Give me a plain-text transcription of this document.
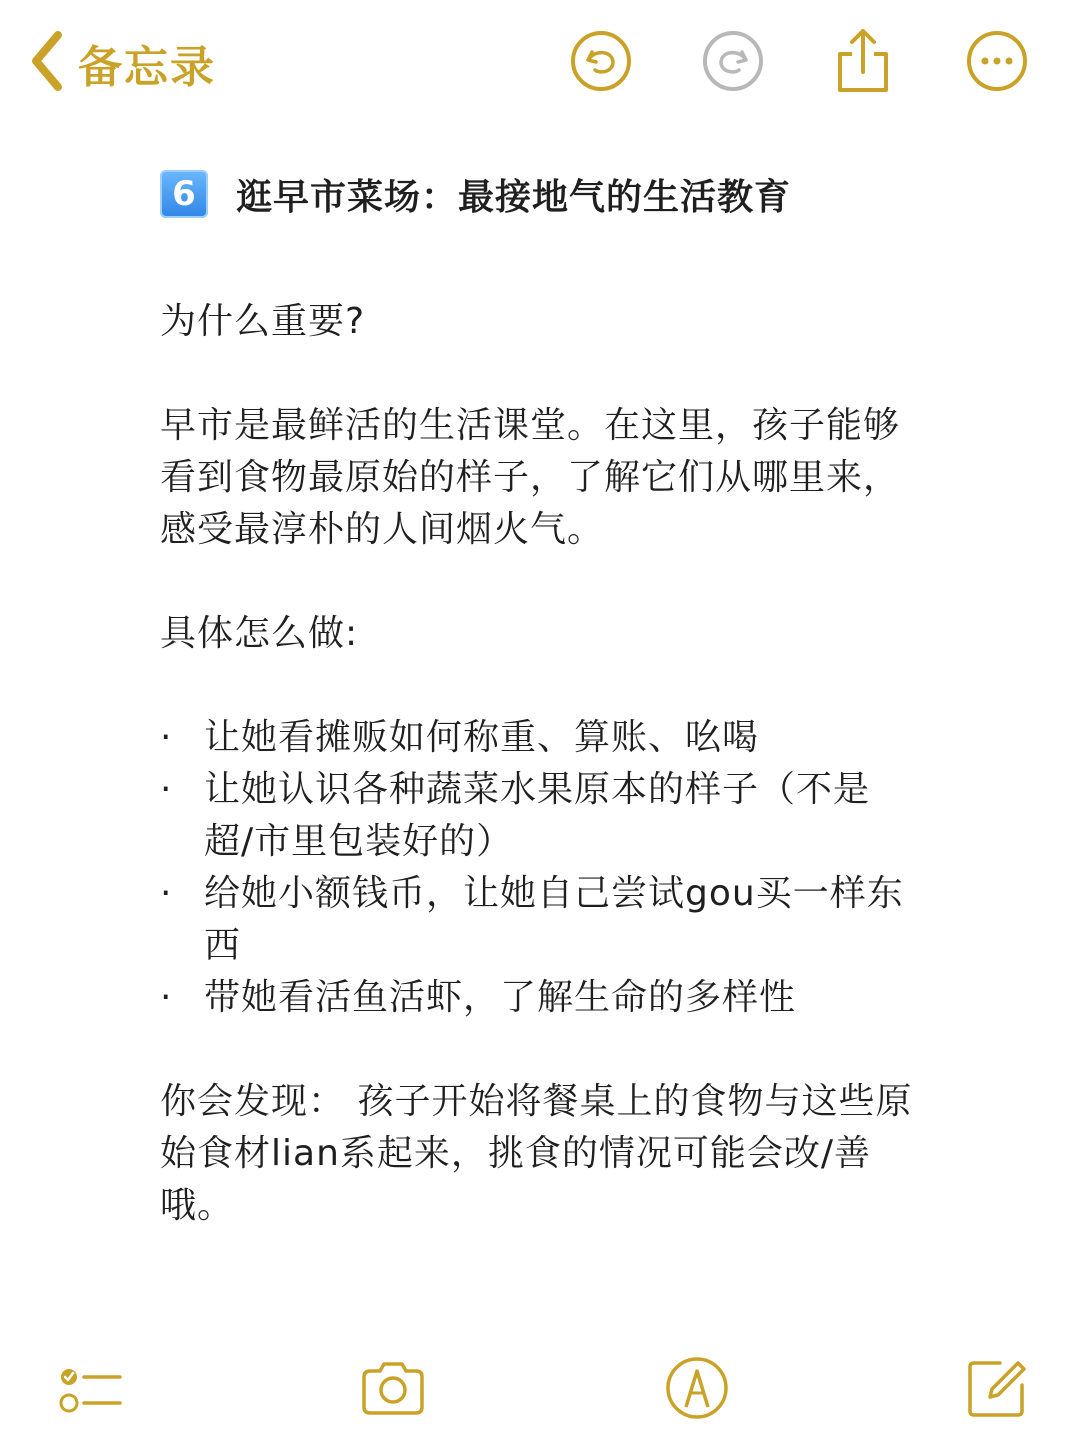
备忘录
6	逛早市菜场：最接地气的生活教育
为什么重要?
早市是最鲜活的生活课堂。在这里，孩子能够看到食物最原始的样子，了解它们从哪里来，感受最淳朴的人间烟火气。
具体怎么做:
· 让她看摊贩如何称重、算账、吆喝
· 让她认识各种蔬菜水果原本的样子（不是超/市里包装好的）
· 给她小额钱币，让她自己尝试gou买一样东西
· 带她看活鱼活虾，了解生命的多样性
你会发现： 孩子开始将餐桌上的食物与这些原始食材lian系起来，挑食的情况可能会改/善哦。
